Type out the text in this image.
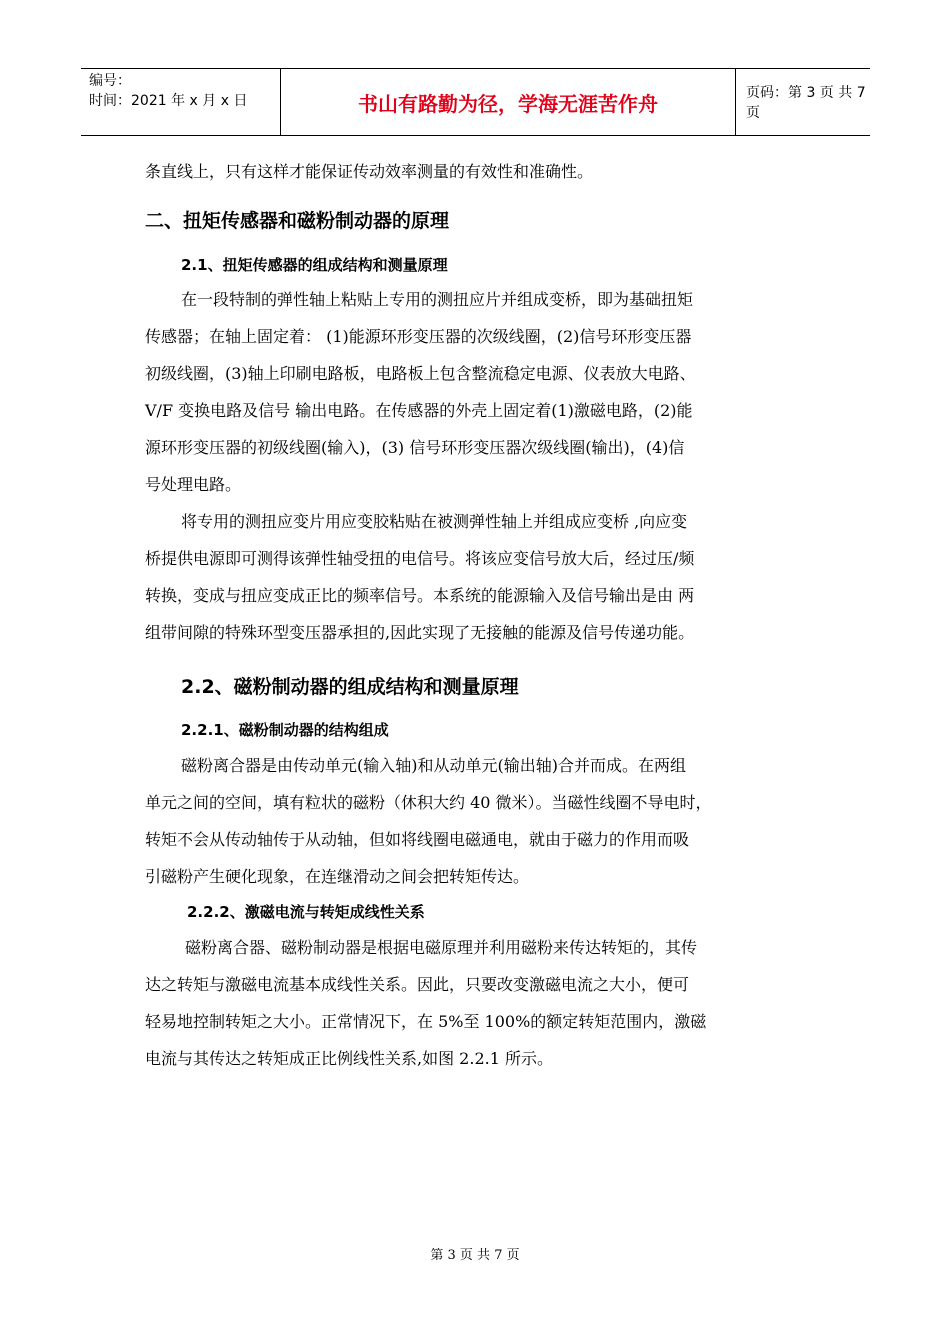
编号：
时间：2021 年 x 月 x 日	书山有路勤为径，学海无涯苦作舟	页码：第 3 页 共 7 页

条直线上，只有这样才能保证传动效率测量的有效性和准确性。

二、扭矩传感器和磁粉制动器的原理
2.1、扭矩传感器的组成结构和测量原理

在一段特制的弹性轴上粘贴上专用的测扭应片并组成变桥，即为基础扭矩

传感器；在轴上固定着： (1)能源环形变压器的次级线圈，(2)信号环形变压器

初级线圈，(3)轴上印刷电路板，电路板上包含整流稳定电源、仪表放大电路、

V/F 变换电路及信号 输出电路。在传感器的外壳上固定着(1)激磁电路，(2)能

源环形变压器的初级线圈(输入)，(3) 信号环形变压器次级线圈(输出)，(4)信

号处理电路。

将专用的测扭应变片用应变胶粘贴在被测弹性轴上并组成应变桥 ,向应变

桥提供电源即可测得该弹性轴受扭的电信号。将该应变信号放大后，经过压/频

转换，变成与扭应变成正比的频率信号。本系统的能源输入及信号输出是由 两

组带间隙的特殊环型变压器承担的,因此实现了无接触的能源及信号传递功能。

2.2、磁粉制动器的组成结构和测量原理
2.2.1、磁粉制动器的结构组成

磁粉离合器是由传动单元(输入轴)和从动单元(输出轴)合并而成。在两组

单元之间的空间，填有粒状的磁粉（休积大约 40 微米）。当磁性线圈不导电时，

转矩不会从传动轴传于从动轴，但如将线圈电磁通电，就由于磁力的作用而吸

引磁粉产生硬化现象，在连继滑动之间会把转矩传达。

2.2.2、激磁电流与转矩成线性关系

磁粉离合器、磁粉制动器是根据电磁原理并利用磁粉来传达转矩的，其传

达之转矩与激磁电流基本成线性关系。因此，只要改变激磁电流之大小，便可

轻易地控制转矩之大小。正常情况下，在 5%至 100%的额定转矩范围内，激磁

电流与其传达之转矩成正比例线性关系,如图 2.2.1 所示。

第 3 页 共 7 页
